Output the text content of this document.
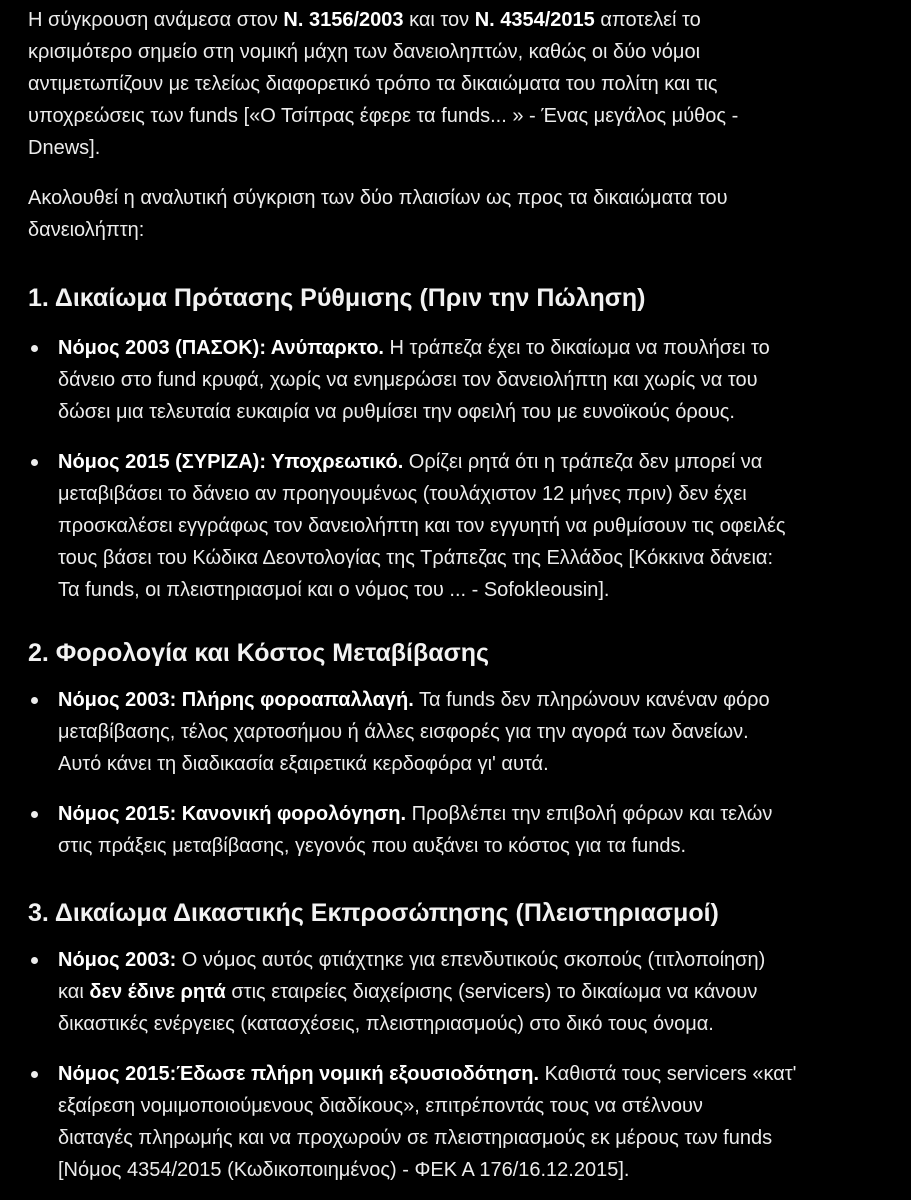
Η σύγκρουση ανάμεσα στον Ν. 3156/2003 και τον Ν. 4354/2015 αποτελεί το
κρισιμότερο σημείο στη νομική μάχη των δανειοληπτών, καθώς οι δύο νόμοι
αντιμετωπίζουν με τελείως διαφορετικό τρόπο τα δικαιώματα του πολίτη και τις
υποχρεώσεις των funds [«Ο Τσίπρας έφερε τα funds... » - Ένας μεγάλος μύθος -
Dnews].
Ακολουθεί η αναλυτική σύγκριση των δύο πλαισίων ως προς τα δικαιώματα του
δανειολήπτη:
1. Δικαίωμα Πρότασης Ρύθμισης (Πριν την Πώληση)
Νόμος 2003 (ΠΑΣΟΚ): Ανύπαρκτο. Η τράπεζα έχει το δικαίωμα να πουλήσει το
δάνειο στο fund κρυφά, χωρίς να ενημερώσει τον δανειολήπτη και χωρίς να του
δώσει μια τελευταία ευκαιρία να ρυθμίσει την οφειλή του με ευνοϊκούς όρους.
Νόμος 2015 (ΣΥΡΙΖΑ): Υποχρεωτικό. Ορίζει ρητά ότι η τράπεζα δεν μπορεί να
μεταβιβάσει το δάνειο αν προηγουμένως (τουλάχιστον 12 μήνες πριν) δεν έχει
προσκαλέσει εγγράφως τον δανειολήπτη και τον εγγυητή να ρυθμίσουν τις οφειλές
τους βάσει του Κώδικα Δεοντολογίας της Τράπεζας της Ελλάδος [Κόκκινα δάνεια:
Τα funds, οι πλειστηριασμοί και ο νόμος του ... - Sofokleousin].
2. Φορολογία και Κόστος Μεταβίβασης
Νόμος 2003: Πλήρης φοροαπαλλαγή. Τα funds δεν πληρώνουν κανέναν φόρο
μεταβίβασης, τέλος χαρτοσήμου ή άλλες εισφορές για την αγορά των δανείων.
Αυτό κάνει τη διαδικασία εξαιρετικά κερδοφόρα γι' αυτά.
Νόμος 2015: Κανονική φορολόγηση. Προβλέπει την επιβολή φόρων και τελών
στις πράξεις μεταβίβασης, γεγονός που αυξάνει το κόστος για τα funds.
3. Δικαίωμα Δικαστικής Εκπροσώπησης (Πλειστηριασμοί)
Νόμος 2003: Ο νόμος αυτός φτιάχτηκε για επενδυτικούς σκοπούς (τιτλοποίηση)
και δεν έδινε ρητά στις εταιρείες διαχείρισης (servicers) το δικαίωμα να κάνουν
δικαστικές ενέργειες (κατασχέσεις, πλειστηριασμούς) στο δικό τους όνομα.
Νόμος 2015:Έδωσε πλήρη νομική εξουσιοδότηση. Καθιστά τους servicers «κατ'
εξαίρεση νομιμοποιούμενους διαδίκους», επιτρέποντάς τους να στέλνουν
διαταγές πληρωμής και να προχωρούν σε πλειστηριασμούς εκ μέρους των funds
[Νόμος 4354/2015 (Κωδικοποιημένος) - ΦΕΚ Α 176/16.12.2015].
